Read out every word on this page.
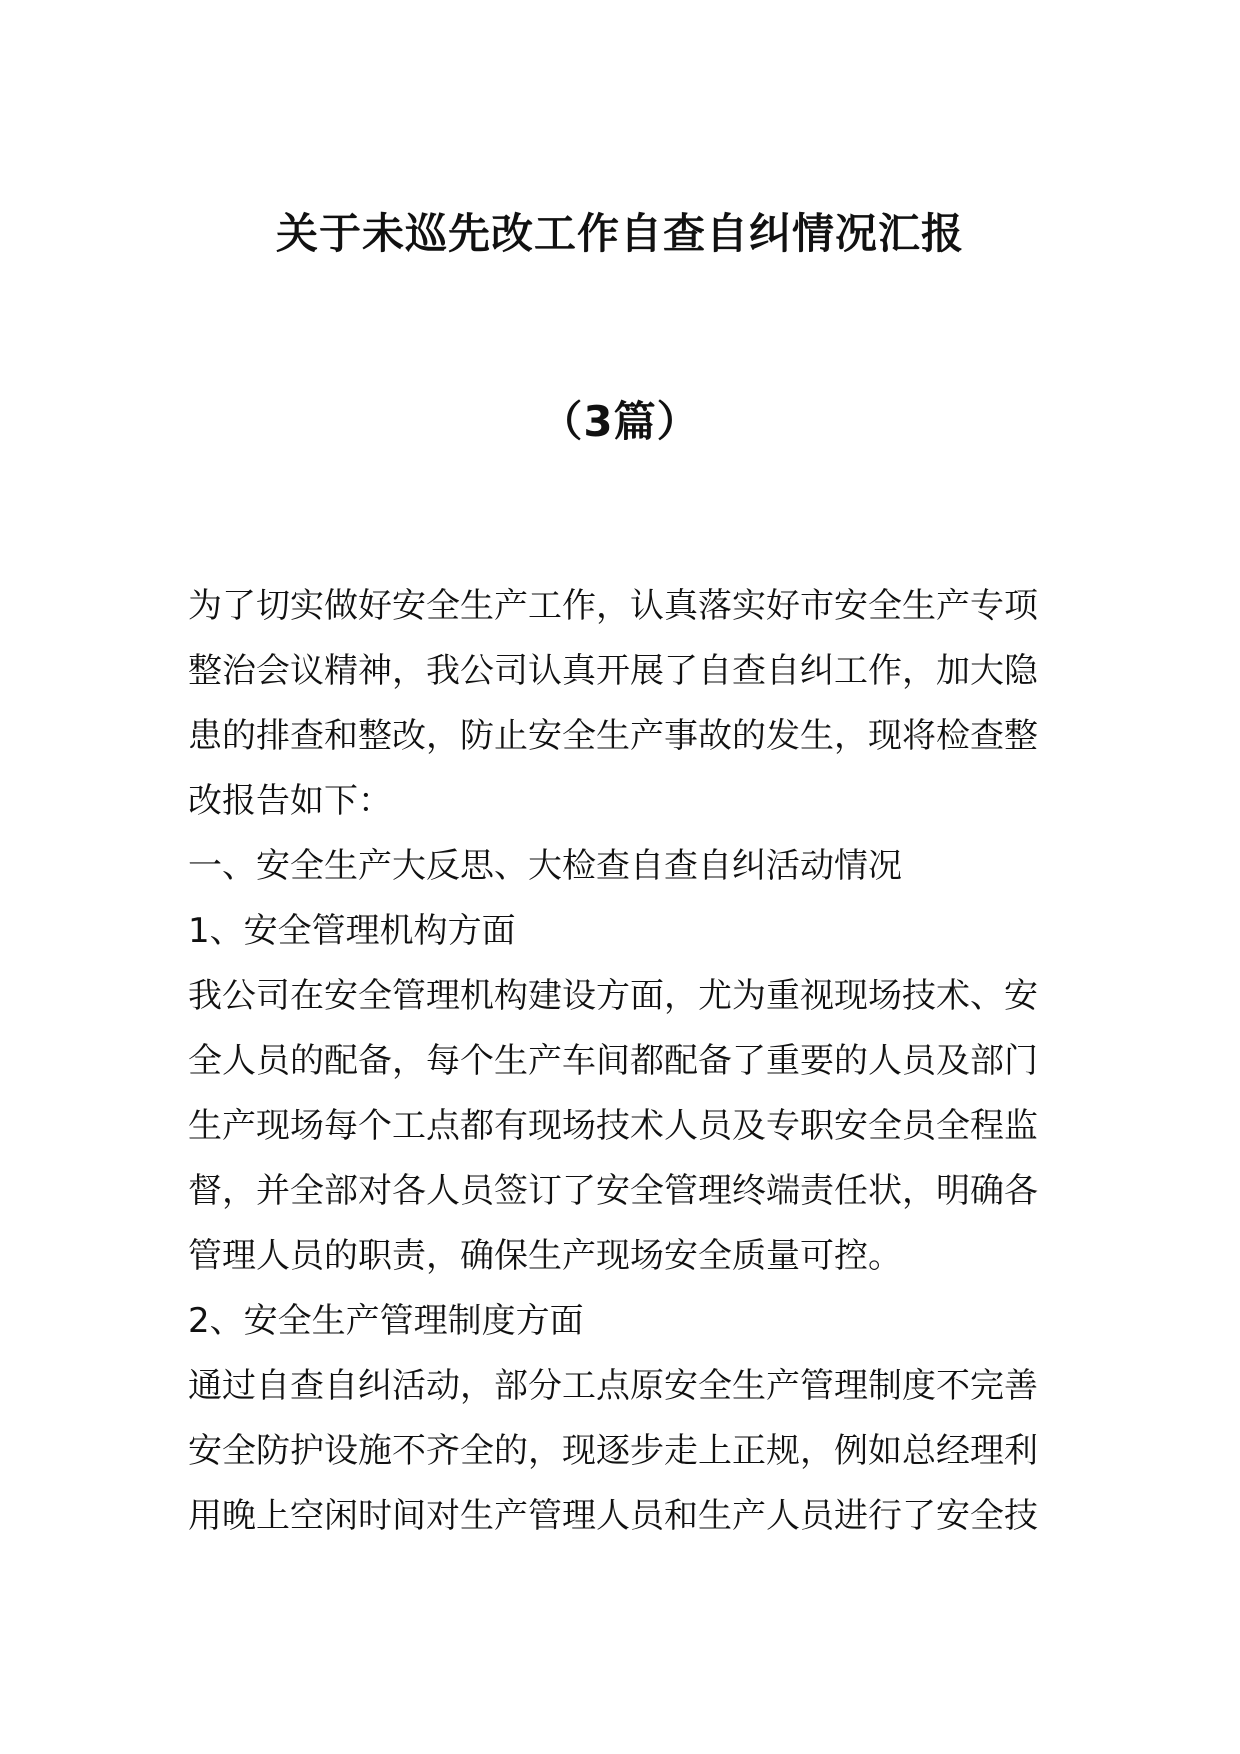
关于未巡先改工作自查自纠情况汇报
（3篇）
为了切实做好安全生产工作，认真落实好市安全生产专项
整治会议精神，我公司认真开展了自查自纠工作，加大隐
患的排查和整改，防止安全生产事故的发生，现将检查整
改报告如下：
一、安全生产大反思、大检查自查自纠活动情况
1、安全管理机构方面
我公司在安全管理机构建设方面，尤为重视现场技术、安
全人员的配备，每个生产车间都配备了重要的人员及部门
生产现场每个工点都有现场技术人员及专职安全员全程监
督，并全部对各人员签订了安全管理终端责任状，明确各
管理人员的职责，确保生产现场安全质量可控。
2、安全生产管理制度方面
通过自查自纠活动，部分工点原安全生产管理制度不完善
安全防护设施不齐全的，现逐步走上正规，例如总经理利
用晚上空闲时间对生产管理人员和生产人员进行了安全技
